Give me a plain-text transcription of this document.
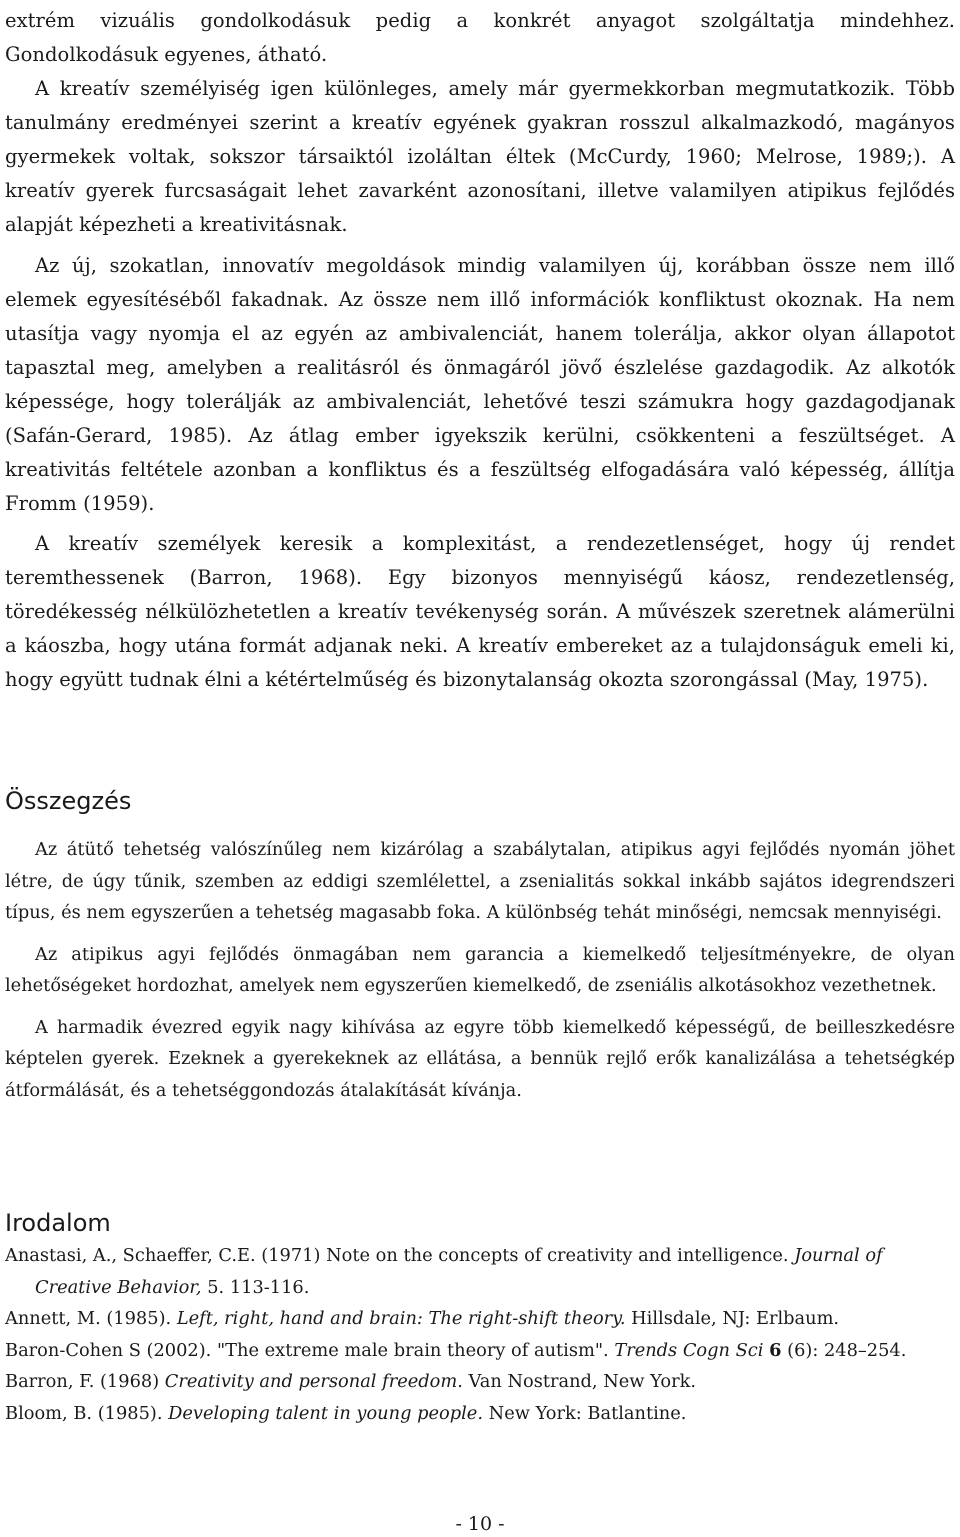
extrém vizuális gondolkodásuk pedig a konkrét anyagot szolgáltatja mindehhez. Gondolkodásuk egyenes, átható.

A kreatív személyiség igen különleges, amely már gyermekkorban megmutatkozik. Több tanulmány eredményei szerint a kreatív egyének gyakran rosszul alkalmazkodó, magányos gyermekek voltak, sokszor társaiktól izoláltan éltek (McCurdy, 1960; Melrose, 1989;). A kreatív gyerek furcsaságait lehet zavarként azonosítani, illetve valamilyen atipikus fejlődés alapját képezheti a kreativitásnak.

Az új, szokatlan, innovatív megoldások mindig valamilyen új, korábban össze nem illő elemek egyesítéséből fakadnak. Az össze nem illő információk konfliktust okoznak. Ha nem utasítja vagy nyomja el az egyén az ambivalenciát, hanem tolerálja, akkor olyan állapotot tapasztal meg, amelyben a realitásról és önmagáról jövő észlelése gazdagodik. Az alkotók képessége, hogy tolerálják az ambivalenciát, lehetővé teszi számukra hogy gazdagodjanak (Safán-Gerard, 1985). Az átlag ember igyekszik kerülni, csökkenteni a feszültséget. A kreativitás feltétele azonban a konfliktus és a feszültség elfogadására való képesség, állítja Fromm (1959).

A kreatív személyek keresik a komplexitást, a rendezetlenséget, hogy új rendet teremthessenek (Barron, 1968). Egy bizonyos mennyiségű káosz, rendezetlenség, töredékesség nélkülözhetetlen a kreatív tevékenység során. A művészek szeretnek alámerülni a káoszba, hogy utána formát adjanak neki. A kreatív embereket az a tulajdonságuk emeli ki, hogy együtt tudnak élni a kétértelműség és bizonytalanság okozta szorongással (May, 1975).

Összegzés

Az átütő tehetség valószínűleg nem kizárólag a szabálytalan, atipikus agyi fejlődés nyomán jöhet létre, de úgy tűnik, szemben az eddigi szemlélettel, a zsenialitás sokkal inkább sajátos idegrendszeri típus, és nem egyszerűen a tehetség magasabb foka. A különbség tehát minőségi, nemcsak mennyiségi.

Az atipikus agyi fejlődés önmagában nem garancia a kiemelkedő teljesítményekre, de olyan lehetőségeket hordozhat, amelyek nem egyszerűen kiemelkedő, de zseniális alkotásokhoz vezethetnek.

A harmadik évezred egyik nagy kihívása az egyre több kiemelkedő képességű, de beilleszkedésre képtelen gyerek. Ezeknek a gyerekeknek az ellátása, a bennük rejlő erők kanalizálása a tehetségkép átformálását, és a tehetséggondozás átalakítását kívánja.

Irodalom
Anastasi, A., Schaeffer, C.E. (1971) Note on the concepts of creativity and intelligence. Journal of Creative Behavior, 5. 113-116.
Annett, M. (1985). Left, right, hand and brain: The right-shift theory. Hillsdale, NJ: Erlbaum.
Baron-Cohen S (2002). "The extreme male brain theory of autism". Trends Cogn Sci 6 (6): 248–254.
Barron, F. (1968) Creativity and personal freedom. Van Nostrand, New York.
Bloom, B. (1985). Developing talent in young people. New York: Batlantine.
- 10 -
